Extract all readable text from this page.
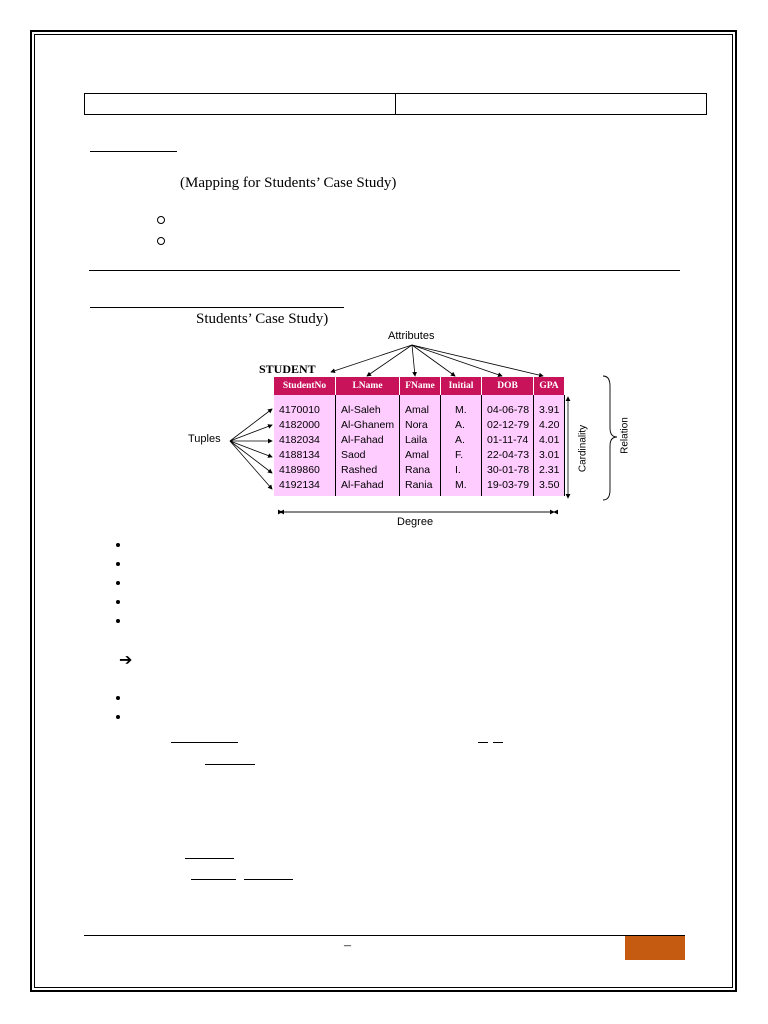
(Mapping for Students’ Case Study)
Students’ Case Study)
Attributes
STUDENT
Tuples
Degree
Cardinality	Relation
StudentNo	LName	FName	Initial	DOB	GPA
4170010	Al-Saleh	Amal	M.	04-06-78	3.91
4182000	Al-Ghanem	Nora	A.	02-12-79	4.20
4182034	Al-Fahad	Laila	A.	01-11-74	4.01
4188134	Saod	Amal	F.	22-04-73	3.01
4189860	Rashed	Rana	I.	30-01-78	2.31
4192134	Al-Fahad	Rania	M.	19-03-79	3.50
➔
–
